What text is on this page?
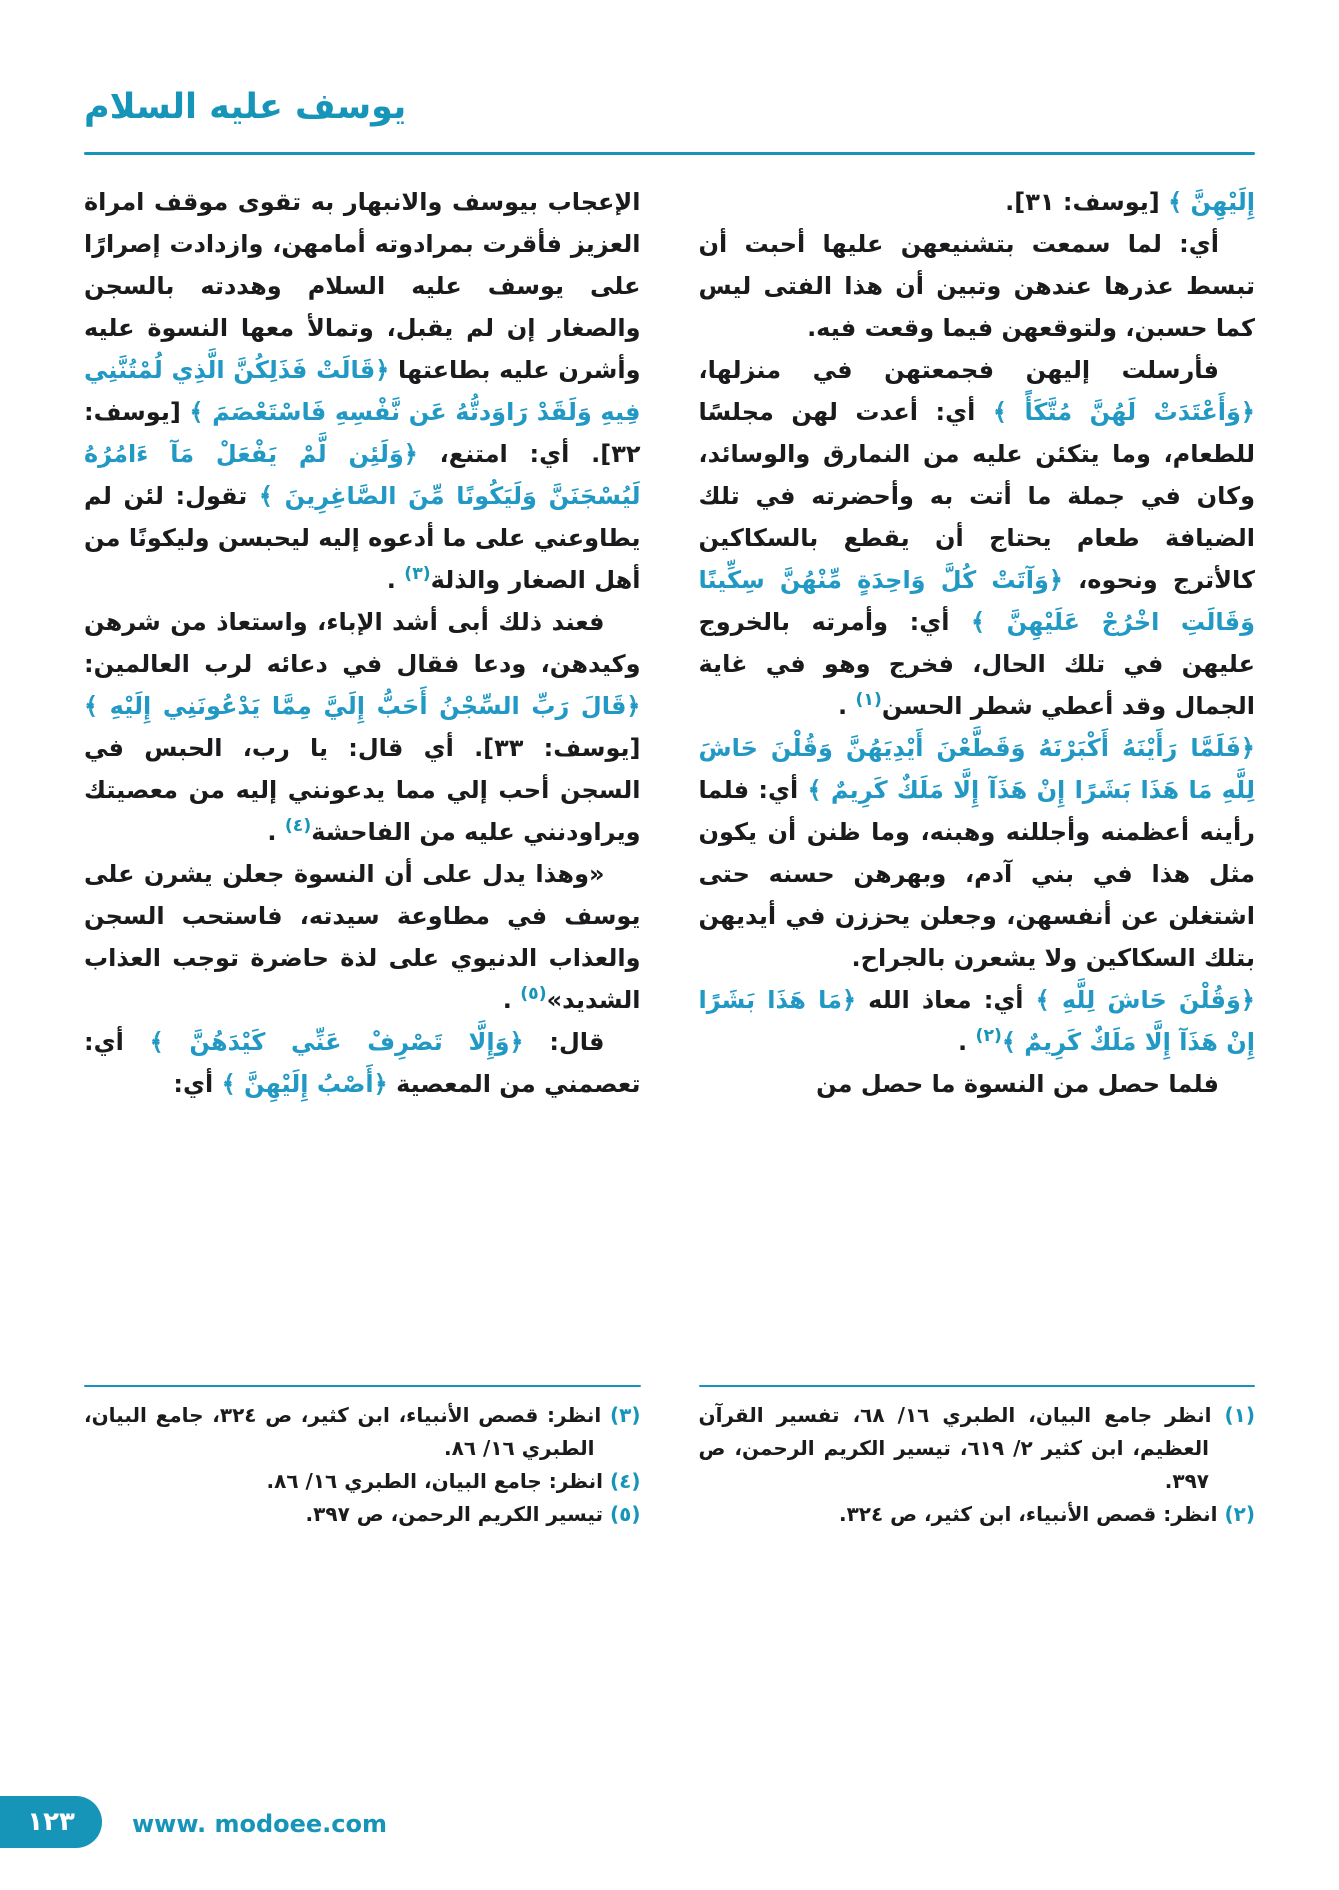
يوسف عليه السلام

إِلَيْهِنَّ ﴾ [يوسف: ٣١].

أي: لما سمعت بتشنيعهن عليها أحبت أن تبسط عذرها عندهن وتبين أن هذا الفتى ليس كما حسبن، ولتوقعهن فيما وقعت فيه.

فأرسلت إليهن فجمعتهن في منزلها، ﴿وَأَعْتَدَتْ لَهُنَّ مُتَّكَأً ﴾ أي: أعدت لهن مجلسًا للطعام، وما يتكئن عليه من النمارق والوسائد، وكان في جملة ما أتت به وأحضرته في تلك الضيافة طعام يحتاج أن يقطع بالسكاكين كالأترج ونحوه، ﴿وَآتَتْ كُلَّ وَاحِدَةٍ مِّنْهُنَّ سِكِّينًا وَقَالَتِ اخْرُجْ عَلَيْهِنَّ ﴾ أي: وأمرته بالخروج عليهن في تلك الحال، فخرج وهو في غاية الجمال وقد أعطي شطر الحسن$^{(١)}$ .

﴿فَلَمَّا رَأَيْنَهُ أَكْبَرْنَهُ وَقَطَّعْنَ أَيْدِيَهُنَّ وَقُلْنَ حَاشَ لِلَّهِ مَا هَذَا بَشَرًا إِنْ هَذَآ إِلَّا مَلَكٌ كَرِيمٌ ﴾ أي: فلما رأينه أعظمنه وأجللنه وهبنه، وما ظنن أن يكون مثل هذا في بني آدم، وبهرهن حسنه حتى اشتغلن عن أنفسهن، وجعلن يحززن في أيديهن بتلك السكاكين ولا يشعرن بالجراح.

﴿وَقُلْنَ حَاشَ لِلَّهِ ﴾ أي: معاذ الله ﴿مَا هَذَا بَشَرًا إِنْ هَذَآ إِلَّا مَلَكٌ كَرِيمٌ ﴾$^{(٢)}$ .

فلما حصل من النسوة ما حصل من

(١) انظر جامع البيان، الطبري ١٦/ ٦٨، تفسير القرآن العظيم، ابن كثير ٢/ ٦١٩، تيسير الكريم الرحمن، ص ٣٩٧.
(٢) انظر: قصص الأنبياء، ابن كثير، ص ٣٢٤.

الإعجاب بيوسف والانبهار به تقوى موقف امراة العزيز فأقرت بمرادوته أمامهن، وازدادت إصرارًا على يوسف عليه السلام وهددته بالسجن والصغار إن لم يقبل، وتمالأ معها النسوة عليه وأشرن عليه بطاعتها ﴿قَالَتْ فَذَلِكُنَّ الَّذِي لُمْتُنَّنِي فِيهِ وَلَقَدْ رَاوَدتُّهُ عَن نَّفْسِهِ فَاسْتَعْصَمَ ﴾ [يوسف: ٣٢]. أي: امتنع، ﴿وَلَئِن لَّمْ يَفْعَلْ مَآ ءَامُرُهُ لَيُسْجَنَنَّ وَلَيَكُونًا مِّنَ الصَّاغِرِينَ ﴾ تقول: لئن لم يطاوعني على ما أدعوه إليه ليحبسن وليكونًا من أهل الصغار والذلة$^{(٣)}$ .

فعند ذلك أبى أشد الإباء، واستعاذ من شرهن وكيدهن، ودعا فقال في دعائه لرب العالمين: ﴿قَالَ رَبِّ السِّجْنُ أَحَبُّ إِلَيَّ مِمَّا يَدْعُونَنِي إِلَيْهِ ﴾ [يوسف: ٣٣]. أي قال: يا رب، الحبس في السجن أحب إلي مما يدعونني إليه من معصيتك ويراودنني عليه من الفاحشة$^{(٤)}$ .

«وهذا يدل على أن النسوة جعلن يشرن على يوسف في مطاوعة سيدته، فاستحب السجن والعذاب الدنيوي على لذة حاضرة توجب العذاب الشديد»$^{(٥)}$ .

قال: ﴿وَإِلَّا تَصْرِفْ عَنِّي كَيْدَهُنَّ ﴾ أي: تعصمني من المعصية ﴿أَصْبُ إِلَيْهِنَّ ﴾ أي:

(٣) انظر: قصص الأنبياء، ابن كثير، ص ٣٢٤، جامع البيان، الطبري ١٦/ ٨٦.
(٤) انظر: جامع البيان، الطبري ١٦/ ٨٦.
(٥) تيسير الكريم الرحمن، ص ٣٩٧.
١٢٣	www. modoee.com
